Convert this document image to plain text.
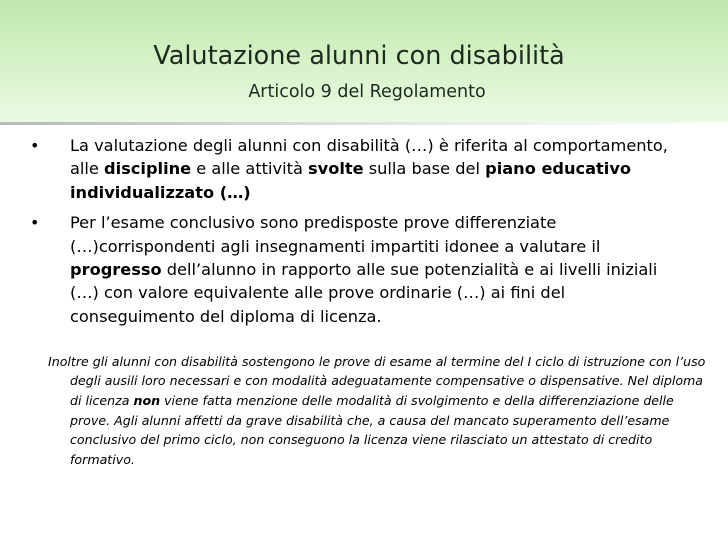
Valutazione alunni con disabilità
Articolo 9 del Regolamento
• La valutazione degli alunni con disabilità (…) è riferita al comportamento, alle discipline e alle attività svolte sulla base del piano educativo individualizzato (…)
• Per l’esame conclusivo sono predisposte prove differenziate (…)corrispondenti agli insegnamenti impartiti idonee a valutare il progresso dell’alunno in rapporto alle sue potenzialità e ai livelli iniziali (…) con valore equivalente alle prove ordinarie (…) ai fini del conseguimento del diploma di licenza.

Inoltre gli alunni con disabilità sostengono le prove di esame al termine del I ciclo di istruzione con l’uso degli ausili loro necessari e con modalità adeguatamente compensative o dispensative. Nel diploma di licenza non viene fatta menzione delle modalità di svolgimento e della differenziazione delle prove. Agli alunni affetti da grave disabilità che, a causa del mancato superamento dell’esame conclusivo del primo ciclo, non conseguono la licenza viene rilasciato un attestato di credito formativo.
